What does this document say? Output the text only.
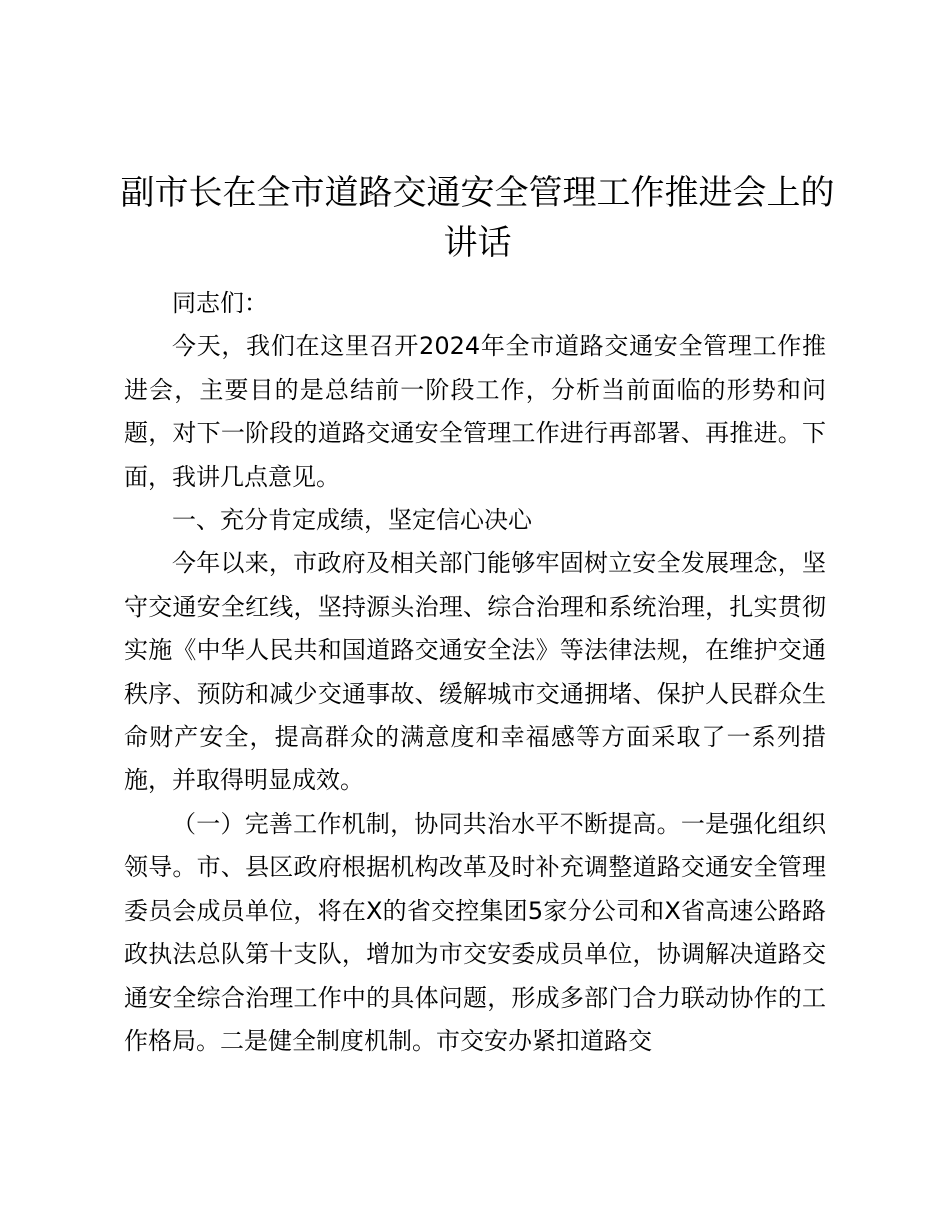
副市长在全市道路交通安全管理工作推进会上的讲话

同志们：

今天，我们在这里召开2024年全市道路交通安全管理工作推进会，主要目的是总结前一阶段工作，分析当前面临的形势和问题，对下一阶段的道路交通安全管理工作进行再部署、再推进。下面，我讲几点意见。

一、充分肯定成绩，坚定信心决心

今年以来，市政府及相关部门能够牢固树立安全发展理念，坚守交通安全红线，坚持源头治理、综合治理和系统治理，扎实贯彻实施《中华人民共和国道路交通安全法》等法律法规，在维护交通秩序、预防和减少交通事故、缓解城市交通拥堵、保护人民群众生命财产安全，提高群众的满意度和幸福感等方面采取了一系列措施，并取得明显成效。

（一）完善工作机制，协同共治水平不断提高。一是强化组织领导。市、县区政府根据机构改革及时补充调整道路交通安全管理委员会成员单位，将在X的省交控集团5家分公司和X省高速公路路政执法总队第十支队，增加为市交安委成员单位，协调解决道路交通安全综合治理工作中的具体问题，形成多部门合力联动协作的工作格局。二是健全制度机制。市交安办紧扣道路交
